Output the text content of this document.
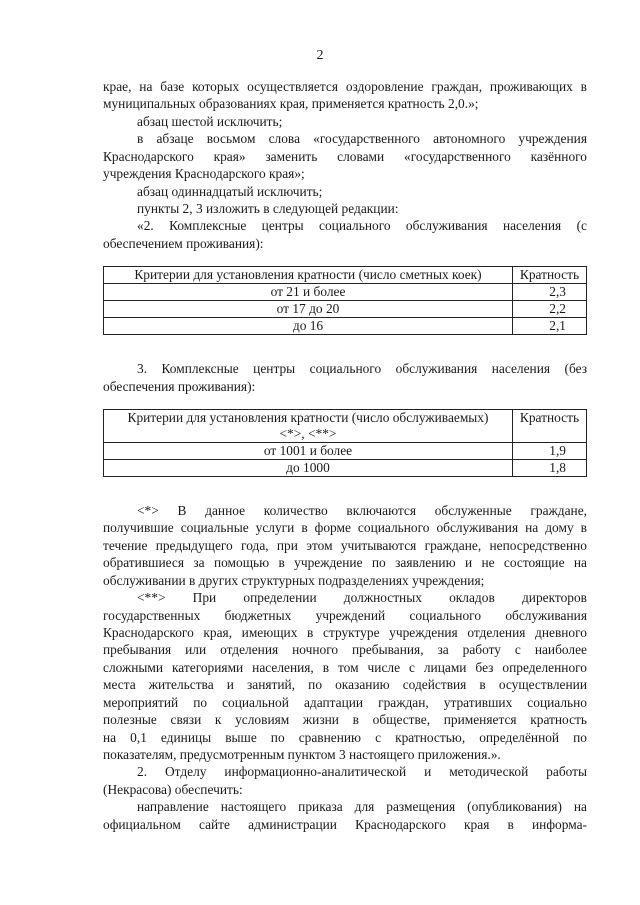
2

крае, на базе которых осуществляется оздоровление граждан, проживающих в

муниципальных образованиях края, применяется кратность 2,0.»;

абзац шестой исключить;

в абзаце восьмом слова «государственного автономного учреждения

Краснодарского края» заменить словами «государственного казённого

учреждения Краснодарского края»;

абзац одиннадцатый исключить;

пункты 2, 3 изложить в следующей редакции:

«2. Комплексные центры социального обслуживания населения (с

обеспечением проживания):

Критерии для установления кратности (число сметных коек)	Кратность
от 21 и более	2,3
от 17 до 20	2,2
до 16	2,1

3. Комплексные центры социального обслуживания населения (без

обеспечения проживания):

Критерии для установления кратности (число обслуживаемых)
<*>, <**>	Кратность
от 1001 и более	1,9
до 1000	1,8

<*> В данное количество включаются обслуженные граждане,

получившие социальные услуги в форме социального обслуживания на дому в

течение предыдущего года, при этом учитываются граждане, непосредственно

обратившиеся за помощью в учреждение по заявлению и не состоящие на

обслуживании в других структурных подразделениях учреждения;

<**> При определении должностных окладов директоров

государственных бюджетных учреждений социального обслуживания

Краснодарского края, имеющих в структуре учреждения отделения дневного

пребывания или отделения ночного пребывания, за работу с наиболее

сложными категориями населения, в том числе с лицами без определенного

места жительства и занятий, по оказанию содействия в осуществлении

мероприятий по социальной адаптации граждан, утративших социально

полезные связи к условиям жизни в обществе, применяется кратность

на 0,1 единицы выше по сравнению с кратностью, определённой по

показателям, предусмотренным пунктом 3 настоящего приложения.».

2. Отделу информационно-аналитической и методической работы

(Некрасова) обеспечить:

направление настоящего приказа для размещения (опубликования) на

официальном сайте администрации Краснодарского края в информа-
